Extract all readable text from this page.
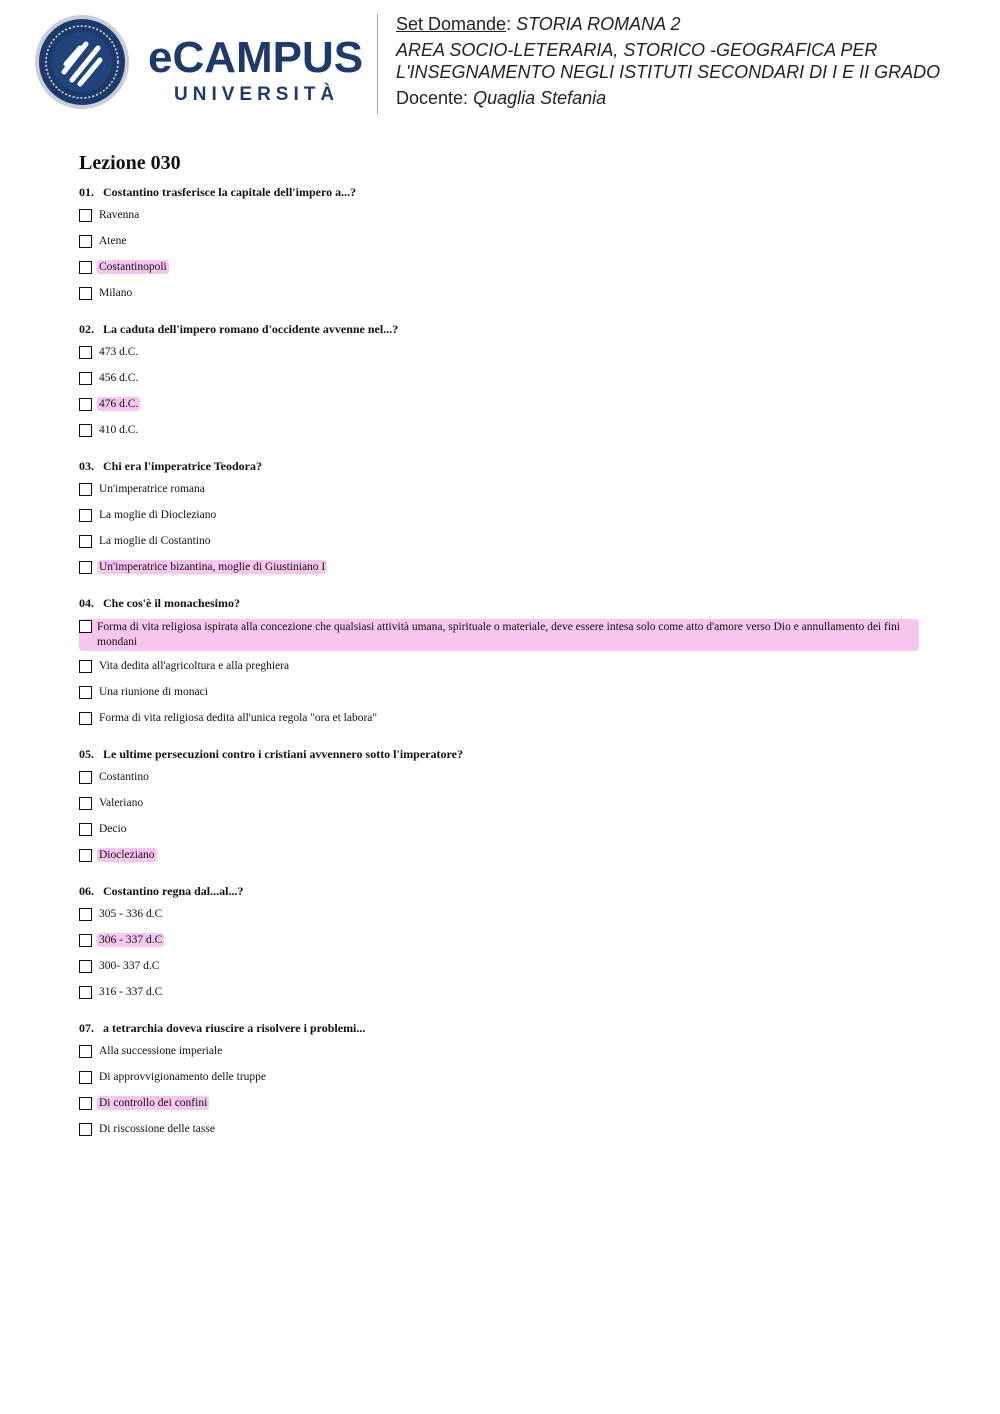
eCAMPUS
UNIVERSITÀ
Set Domande: STORIA ROMANA 2
AREA SOCIO-LETERARIA, STORICO -GEOGRAFICA PER
L'INSEGNAMENTO NEGLI ISTITUTI SECONDARI DI I E II GRADO
Docente: Quaglia Stefania
Lezione 030
01. Costantino trasferisce la capitale dell'impero a...?
Ravenna
Atene
Costantinopoli
Milano
02. La caduta dell'impero romano d'occidente avvenne nel...?
473 d.C.
456 d.C.
476 d.C.
410 d.C.
03. Chi era l'imperatrice Teodora?
Un'imperatrice romana
La moglie di Diocleziano
La moglie di Costantino
Un'imperatrice bizantina, moglie di Giustiniano I
04. Che cos'è il monachesimo?
Forma di vita religiosa ispirata alla concezione che qualsiasi attività umana, spirituale o materiale, deve essere intesa solo come atto d'amore verso Dio e annullamento dei fini mondani
Vita dedita all'agricoltura e alla preghiera
Una riunione di monaci
Forma di vita religiosa dedita all'unica regola "ora et labora"
05. Le ultime persecuzioni contro i cristiani avvennero sotto l'imperatore?
Costantino
Valeriano
Decio
Diocleziano
06. Costantino regna dal...al...?
305 - 336 d.C
306 - 337 d.C
300- 337 d.C
316 - 337 d.C
07. a tetrarchia doveva riuscire a risolvere i problemi...
Alla successione imperiale
Di approvvigionamento delle truppe
Di controllo dei confini
Di riscossione delle tasse
